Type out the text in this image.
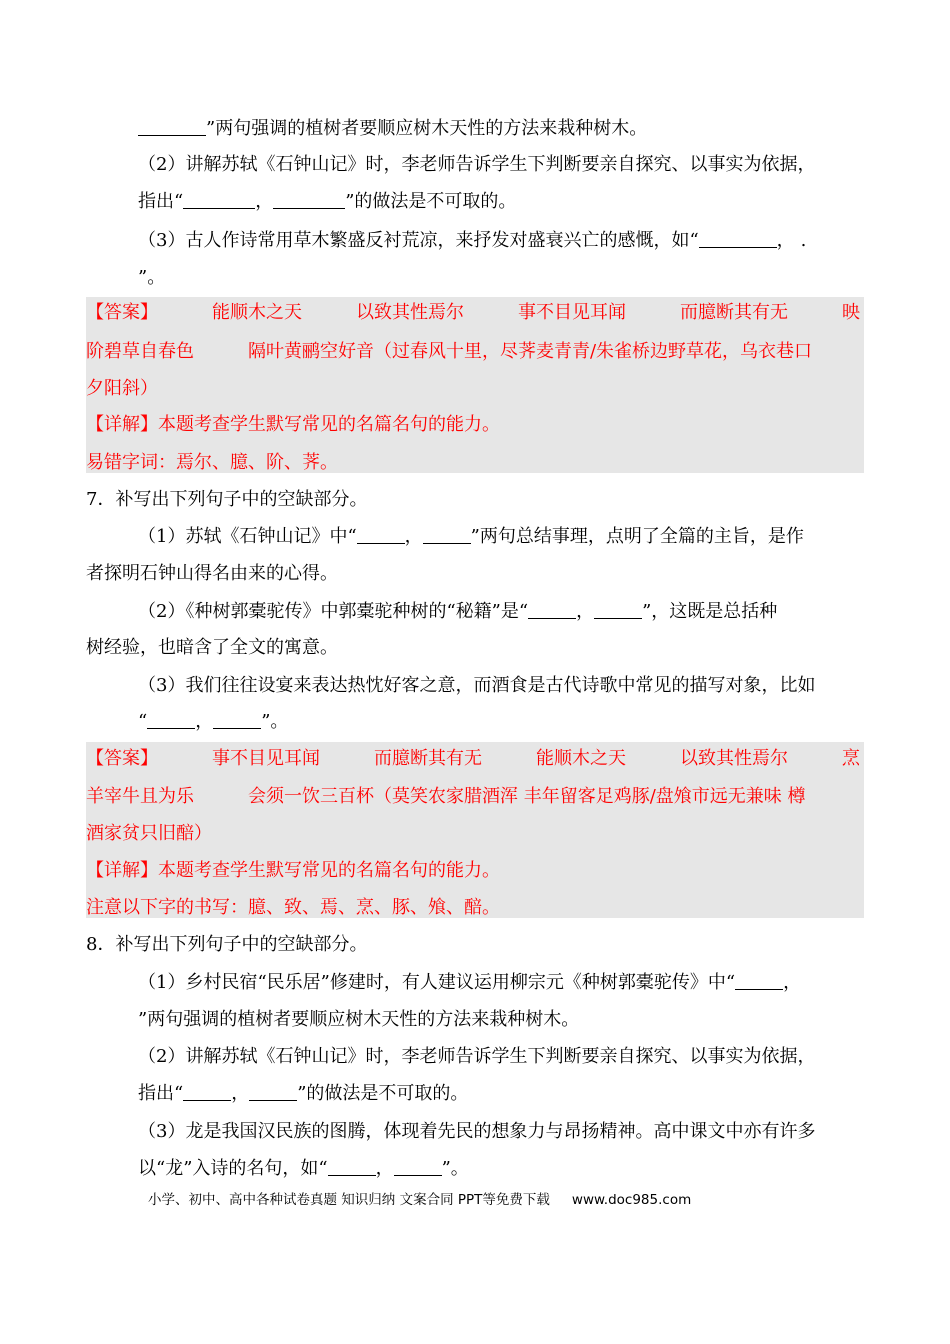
”两句强调的植树者要顺应树木天性的方法来栽种树木。
（2）讲解苏轼《石钟山记》时，李老师告诉学生下判断要亲自探究、以事实为依据，
指出“	，	”的做法是不可取的。
（3）古人作诗常用草木繁盛反衬荒凉，来抒发对盛衰兴亡的感慨，如“	， .
”。
【答案】	能顺木之天	以致其性焉尔	事不目见耳闻	而臆断其有无	映
阶碧草自春色	隔叶黄鹂空好音（过春风十里，尽荠麦青青/朱雀桥边野草花，乌衣巷口
夕阳斜）
【详解】本题考查学生默写常见的名篇名句的能力。
易错字词：焉尔、臆、阶、荠。
7．补写出下列句子中的空缺部分。
（1）苏轼《石钟山记》中“	，	”两句总结事理，点明了全篇的主旨，是作
者探明石钟山得名由来的心得。
（2）《种树郭橐驼传》中郭橐驼种树的“秘籍”是“	，	”，这既是总括种
树经验，也暗含了全文的寓意。
（3）我们往往设宴来表达热忱好客之意，而酒食是古代诗歌中常见的描写对象，比如
“	，	”。
【答案】	事不目见耳闻	而臆断其有无	能顺木之天	以致其性焉尔	烹
羊宰牛且为乐	会须一饮三百杯（莫笑农家腊酒浑 丰年留客足鸡豚/盘飧市远无兼味 樽
酒家贫只旧醅）
【详解】本题考查学生默写常见的名篇名句的能力。
注意以下字的书写：臆、致、焉、烹、豚、飧、醅。
8．补写出下列句子中的空缺部分。
（1）乡村民宿“民乐居”修建时，有人建议运用柳宗元《种树郭橐驼传》中“	，
”两句强调的植树者要顺应树木天性的方法来栽种树木。
（2）讲解苏轼《石钟山记》时，李老师告诉学生下判断要亲自探究、以事实为依据，
指出“	，	”的做法是不可取的。
（3）龙是我国汉民族的图腾，体现着先民的想象力与昂扬精神。高中课文中亦有许多
以“龙”入诗的名句，如“	，	”。
小学、初中、高中各种试卷真题 知识归纳 文案合同 PPT等免费下载 www.doc985.com
